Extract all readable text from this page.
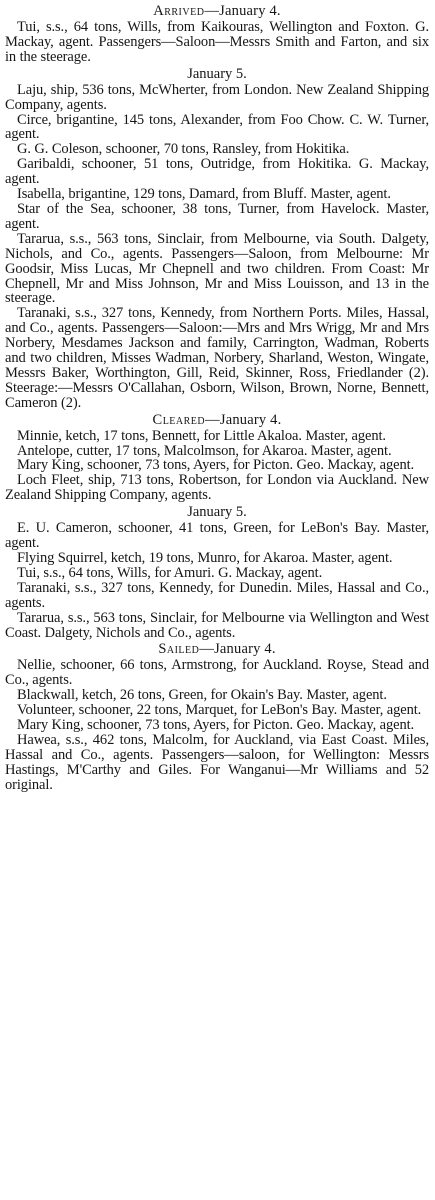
Arrived—January 4.

Tui, s.s., 64 tons, Wills, from Kaikouras, Wellington and Foxton. G. Mackay, agent. Passengers—Saloon—Messrs Smith and Farton, and six in the steerage.

January 5.

Laju, ship, 536 tons, McWherter, from London. New Zealand Shipping Company, agents.

Circe, brigantine, 145 tons, Alexander, from Foo Chow. C. W. Turner, agent.

G. G. Coleson, schooner, 70 tons, Ransley, from Hokitika.

Garibaldi, schooner, 51 tons, Outridge, from Hokitika. G. Mackay, agent.

Isabella, brigantine, 129 tons, Damard, from Bluff. Master, agent.

Star of the Sea, schooner, 38 tons, Turner, from Havelock. Master, agent.

Tararua, s.s., 563 tons, Sinclair, from Melbourne, via South. Dalgety, Nichols, and Co., agents. Passengers—Saloon, from Melbourne: Mr Goodsir, Miss Lucas, Mr Chepnell and two children. From Coast: Mr Chepnell, Mr and Miss Johnson, Mr and Miss Louisson, and 13 in the steerage.

Taranaki, s.s., 327 tons, Kennedy, from Northern Ports. Miles, Hassal, and Co., agents. Passengers—Saloon:—Mrs and Mrs Wrigg, Mr and Mrs Norbery, Mesdames Jackson and family, Carrington, Wadman, Roberts and two children, Misses Wadman, Norbery, Sharland, Weston, Wingate, Messrs Baker, Worthington, Gill, Reid, Skinner, Ross, Friedlander (2). Steerage:—Messrs O'Callahan, Osborn, Wilson, Brown, Norne, Bennett, Cameron (2).

Cleared—January 4.

Minnie, ketch, 17 tons, Bennett, for Little Akaloa. Master, agent.

Antelope, cutter, 17 tons, Malcolmson, for Akaroa. Master, agent.

Mary King, schooner, 73 tons, Ayers, for Picton. Geo. Mackay, agent.

Loch Fleet, ship, 713 tons, Robertson, for London via Auckland. New Zealand Shipping Company, agents.

January 5.

E. U. Cameron, schooner, 41 tons, Green, for LeBon's Bay. Master, agent.

Flying Squirrel, ketch, 19 tons, Munro, for Akaroa. Master, agent.

Tui, s.s., 64 tons, Wills, for Amuri. G. Mackay, agent.

Taranaki, s.s., 327 tons, Kennedy, for Dunedin. Miles, Hassal and Co., agents.

Tararua, s.s., 563 tons, Sinclair, for Melbourne via Wellington and West Coast. Dalgety, Nichols and Co., agents.

Sailed—January 4.

Nellie, schooner, 66 tons, Armstrong, for Auckland. Royse, Stead and Co., agents.

Blackwall, ketch, 26 tons, Green, for Okain's Bay. Master, agent.

Volunteer, schooner, 22 tons, Marquet, for LeBon's Bay. Master, agent.

Mary King, schooner, 73 tons, Ayers, for Picton. Geo. Mackay, agent.

Hawea, s.s., 462 tons, Malcolm, for Auckland, via East Coast. Miles, Hassal and Co., agents. Passengers—saloon, for Wellington: Messrs Hastings, M'Carthy and Giles. For Wanganui—Mr Williams and 52 original.
